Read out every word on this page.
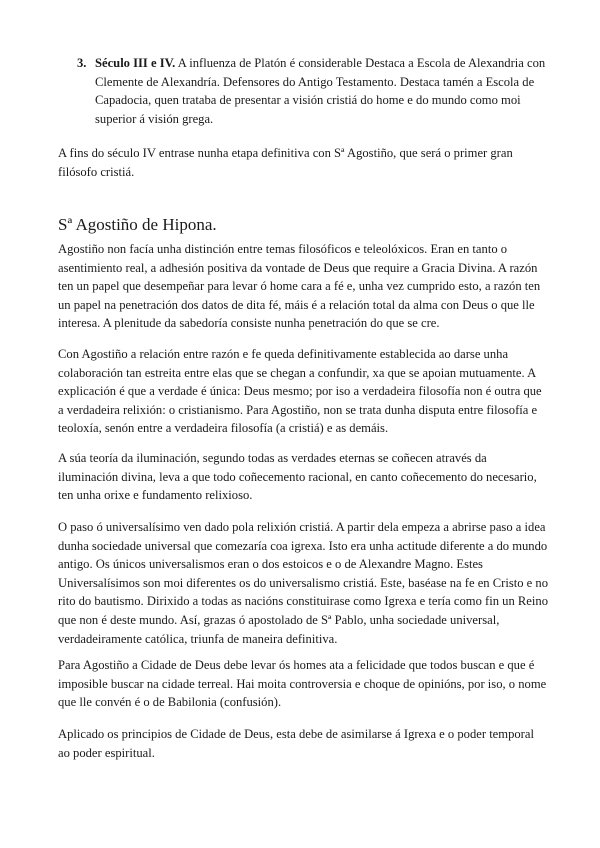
3. Século III e IV. A influenza de Platón é considerable Destaca a Escola de Alexandria con Clemente de Alexandría. Defensores do Antigo Testamento. Destaca tamén a Escola de Capadocia, quen trataba de presentar a visión cristiá do home e do mundo como moi superior á visión grega.

A fins do século IV entrase nunha etapa definitiva con Sª Agostiño, que será o primer gran filósofo cristiá.

Sª Agostiño de Hipona.

Agostiño non facía unha distinción entre temas filosóficos e teleolóxicos. Eran en tanto o asentimiento real, a adhesión positiva da vontade de Deus que require a Gracia Divina. A razón ten un papel que desempeñar para levar ó home cara a fé e, unha vez cumprido esto, a razón ten un papel na penetración dos datos de dita fé, máis é a relación total da alma con Deus o que lle interesa. A plenitude da sabedoría consiste nunha penetración do que se cre.

Con Agostiño a relación entre razón e fe queda definitivamente establecida ao darse unha colaboración tan estreita entre elas que se chegan a confundir, xa que se apoian mutuamente. A explicación é que a verdade é única: Deus mesmo; por iso a verdadeira filosofía non é outra que a verdadeira relixión: o cristianismo. Para Agostiño, non se trata dunha disputa entre filosofía e teoloxía, senón entre a verdadeira filosofía (a cristiá) e as demáis.

A súa teoría da iluminación, segundo todas as verdades eternas se coñecen através da iluminación divina, leva a que todo coñecemento racional, en canto coñecemento do necesario, ten unha orixe e fundamento relixioso.

O paso ó universalísimo ven dado pola relixión cristiá. A partir dela empeza a abrirse paso a idea dunha sociedade universal que comezaría coa igrexa. Isto era unha actitude diferente a do mundo antigo. Os únicos universalismos eran o dos estoicos e o de Alexandre Magno. Estes Universalísimos son moi diferentes os do universalismo cristiá. Este, baséase na fe en Cristo e no rito do bautismo. Dirixido a todas as nacións constituirase como Igrexa e tería como fin un Reino que non é deste mundo. Así, grazas ó apostolado de Sª Pablo, unha sociedade universal, verdadeiramente católica, triunfa de maneira definitiva.

Para Agostiño a Cidade de Deus debe levar ós homes ata a felicidade que todos buscan e que é imposible buscar na cidade terreal. Hai moita controversia e choque de opinións, por iso, o nome que lle convén é o de Babilonia (confusión).

Aplicado os principios de Cidade de Deus, esta debe de asimilarse á Igrexa e o poder temporal ao poder espiritual.
